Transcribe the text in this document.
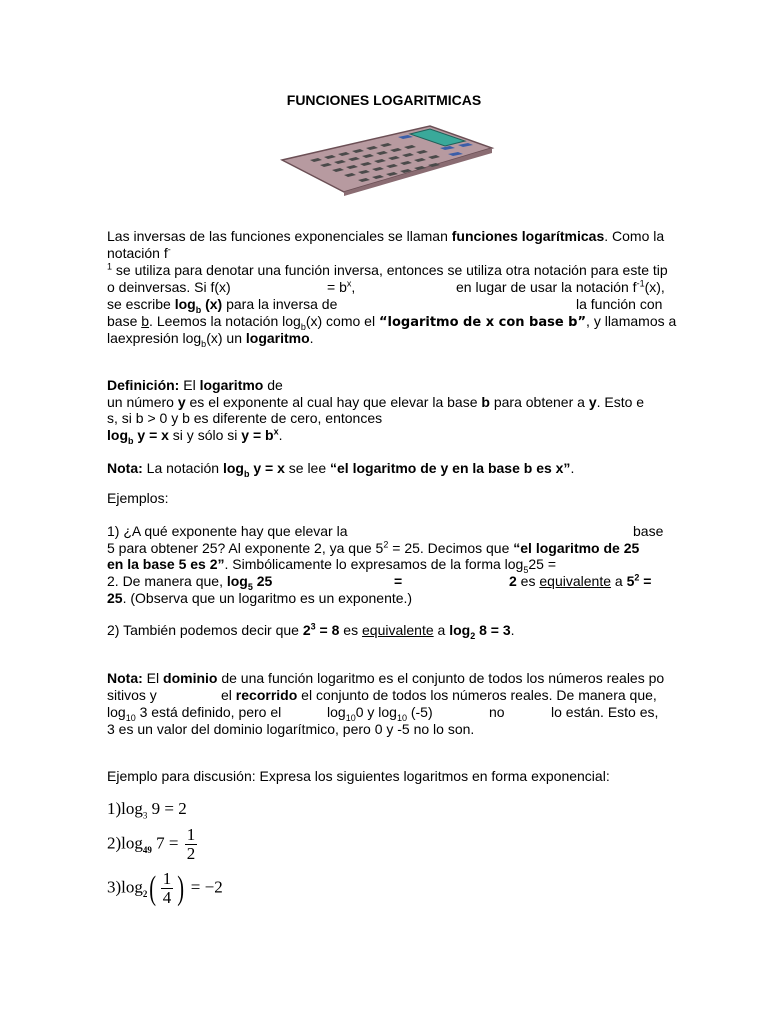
FUNCIONES LOGARITMICAS
Las inversas de las funciones exponenciales se llaman funciones logarítmicas. Como la
notación f-
$^1$ se utiliza para denotar una función inversa, entonces se utiliza otra notación para este tip
o deinversas. Si f(x)	= $b^x$,	en lugar de usar la notación $f^{-1}(x)$,
se escribe $\log_b (x)$ para la inversa de	la función con
base b. Leemos la notación $\log_b(x)$ como el “logaritmo de x con base b”, y llamamos a
laexpresión $\log_b(x)$ un logaritmo.
Definición: El logaritmo de
un número y es el exponente al cual hay que elevar la base b para obtener a y. Esto e
s, si b > 0 y b es diferente de cero, entonces
$\log_b y = x$ si y sólo si $y = b^x$.
Nota: La notación $\log_b y = x$ se lee “el logaritmo de y en la base b es x”.
Ejemplos:
1) ¿A qué exponente hay que elevar la	base
5 para obtener 25? Al exponente 2, ya que $5^2 = 25$. Decimos que “el logaritmo de 25
en la base 5 es 2”. Simbólicamente lo expresamos de la forma $\log_525$ =
2. De manera que, $\log_5 25$	=	2 es equivalente a $5^2$ =
25. (Observa que un logaritmo es un exponente.)
2) También podemos decir que $2^3 = 8$ es equivalente a $\log_2 8 = 3$.
Nota: El dominio de una función logaritmo es el conjunto de todos los números reales po
sitivos y	el recorrido el conjunto de todos los números reales. De manera que,
$\log_{10} 3$ está definido, pero el	$\log_{10}0$ y $\log_{10} (-5)$	no	lo están. Esto es,
3 es un valor del dominio logarítmico, pero 0 y -5 no lo son.
Ejemplo para discusión: Expresa los siguientes logaritmos en forma exponencial:
$1)\log_3$ 9 = 2
$2)\log_{49}$ $7 = \frac{1}{2}$
$3)\log_2( \frac{1}{4}$ ) = −2
